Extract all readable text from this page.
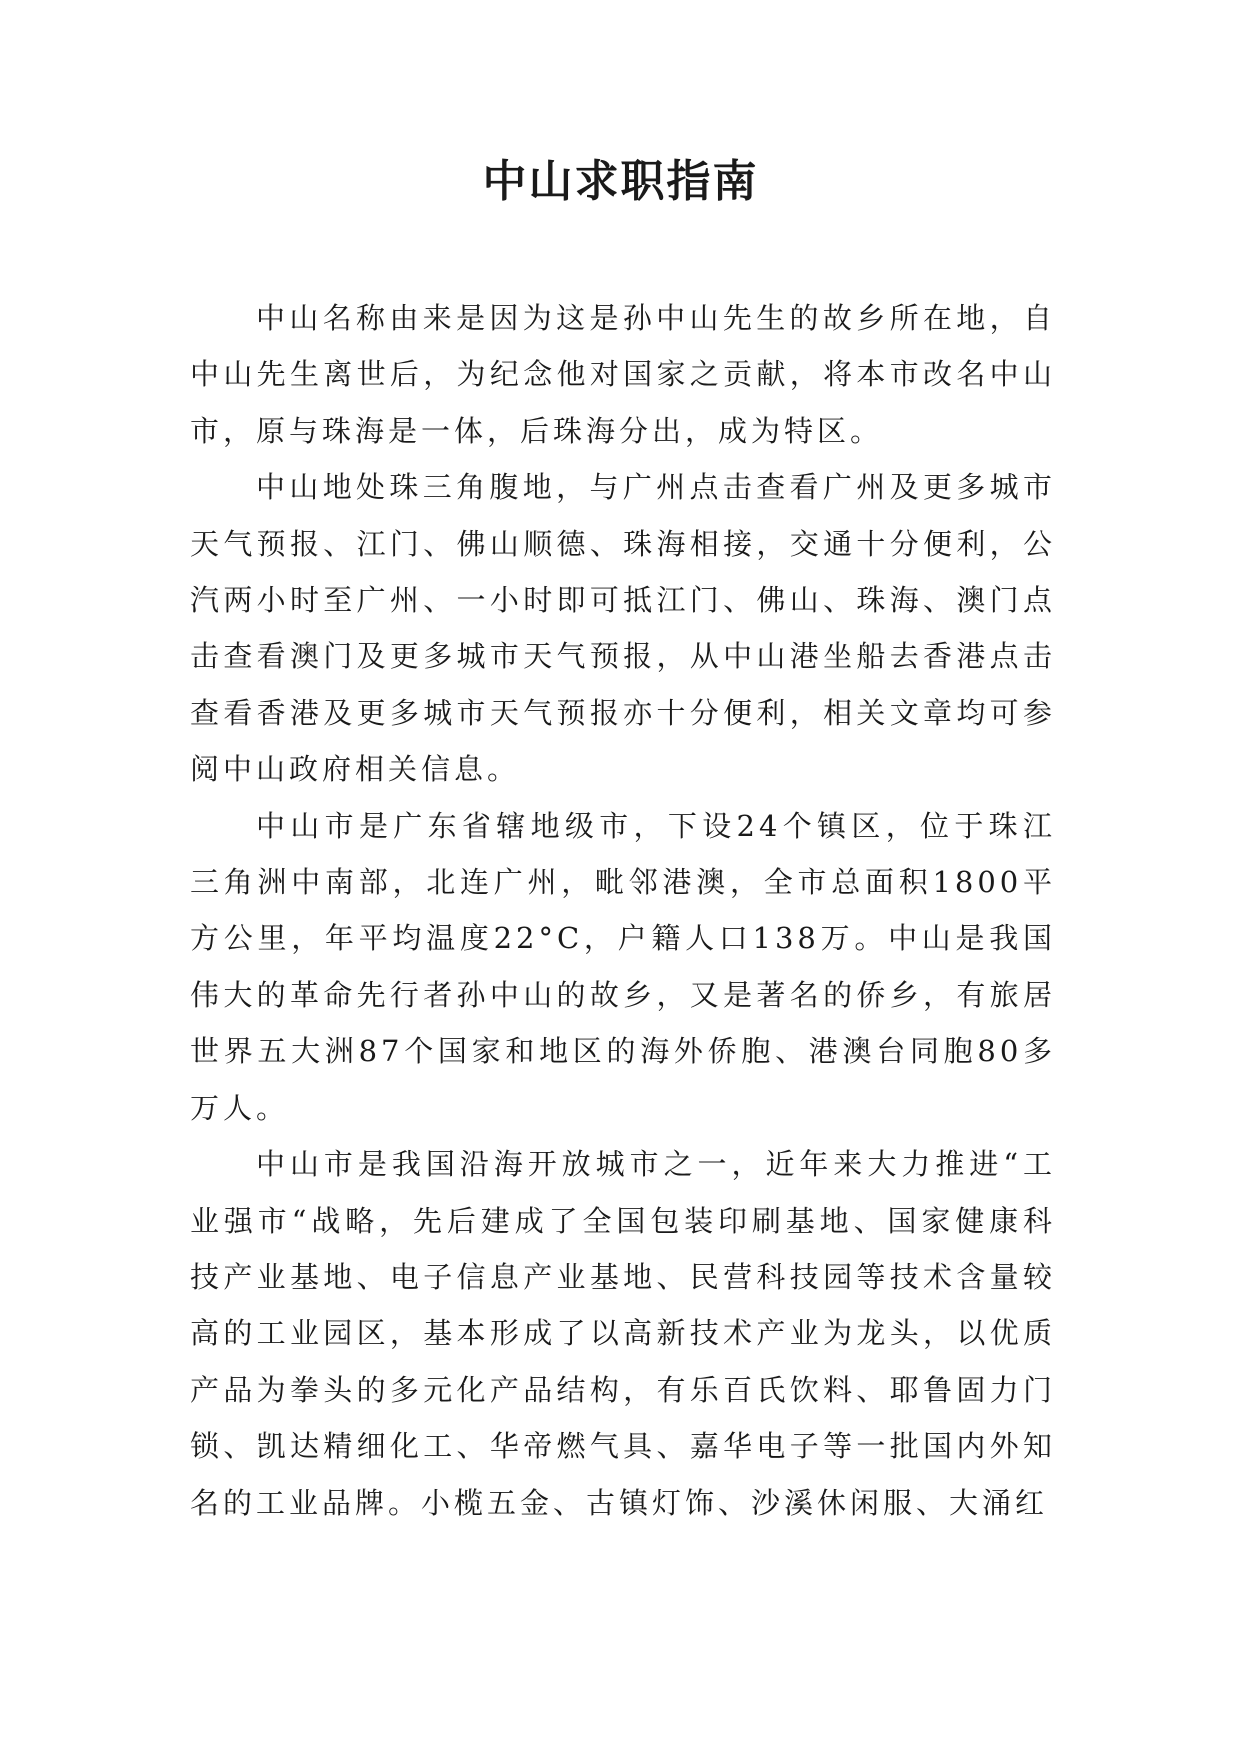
中山求职指南

中山名称由来是因为这是孙中山先生的故乡所在地，自中山先生离世后，为纪念他对国家之贡献，将本市改名中山市，原与珠海是一体，后珠海分出，成为特区。

中山地处珠三角腹地，与广州点击查看广州及更多城市天气预报、江门、佛山顺德、珠海相接，交通十分便利，公汽两小时至广州、一小时即可抵江门、佛山、珠海、澳门点击查看澳门及更多城市天气预报，从中山港坐船去香港点击查看香港及更多城市天气预报亦十分便利，相关文章均可参阅中山政府相关信息。

中山市是广东省辖地级市，下设24个镇区，位于珠江三角洲中南部，北连广州，毗邻港澳，全市总面积1800平方公里，年平均温度22°C，户籍人口138万。中山是我国伟大的革命先行者孙中山的故乡，又是著名的侨乡，有旅居世界五大洲87个国家和地区的海外侨胞、港澳台同胞80多万人。

中山市是我国沿海开放城市之一，近年来大力推进“工业强市“战略，先后建成了全国包装印刷基地、国家健康科技产业基地、电子信息产业基地、民营科技园等技术含量较高的工业园区，基本形成了以高新技术产业为龙头，以优质产品为拳头的多元化产品结构，有乐百氏饮料、耶鲁固力门锁、凯达精细化工、华帝燃气具、嘉华电子等一批国内外知名的工业品牌。小榄五金、古镇灯饰、沙溪休闲服、大涌红
